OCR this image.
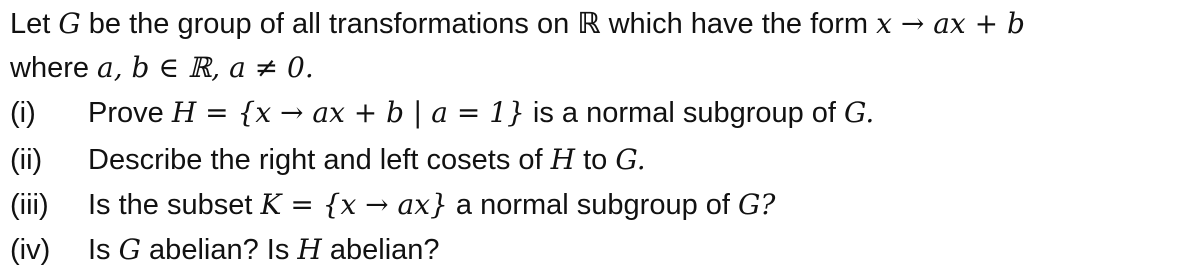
Let G be the group of all transformations on ℝ which have the form x → ax + b
where a, b ∈ ℝ, a ≠ 0.
(i) Prove H = {x → ax + b | a = 1} is a normal subgroup of G.
(ii) Describe the right and left cosets of H to G.
(iii) Is the subset K = {x → ax} a normal subgroup of G?
(iv) Is G abelian? Is H abelian?
